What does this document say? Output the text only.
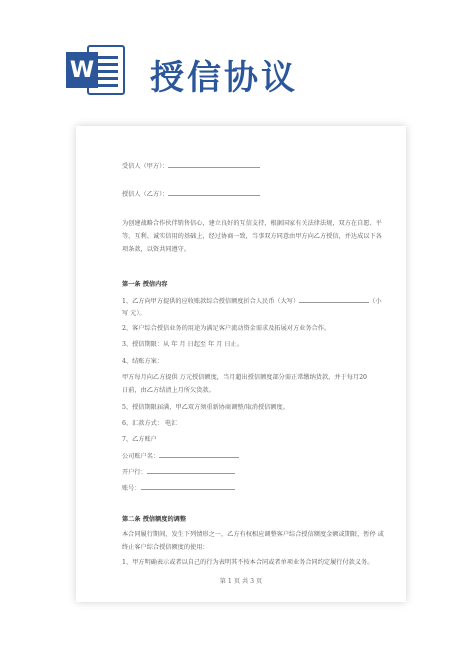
W 授信协议
受信人（甲方）：
授信人（乙方）：
为创建战略合作伙伴销售信心，建立良好的互信支持，根据国家有关法律法规，双方在自愿、平
等、互利、诚实信用的基础上，经过协商一致，当事双方同意由甲方向乙方授信，并达成以下各
项条款，以资共同遵守。
第一条 授信内容
1、乙方向甲方提供的应收账款综合授信额度折合人民币（大写）	（小
写 元）。
2、客户综合授信业务的用途为满足客户流动资金需求及拓展对方业务合作。
3、授信期限：从 年 月 日起至 年 月 日止。
4、结账方案：
甲方每月向乙方提供 万元授信额度，当月超出授信额度部分需正常缴纳货款，并于每月20
日前，由乙方结清上月所欠货款。
5、授信期限届满，甲乙双方须重新协商调整/取消授信额度。
6、汇款方式： 电汇
7、乙方账户
公司账户名：
开户行：
账号：
第二条 授信额度的调整
本合同履行期间，发生下列情形之一，乙方有权相应调整客户综合授信额度金额或期限，暂停 或
终止客户综合授信额度的使用：
1、甲方明确表示或者以自己的行为表明其不按本合同或者单项业务合同约定履行付款义务。
第 1 页 共 3 页
